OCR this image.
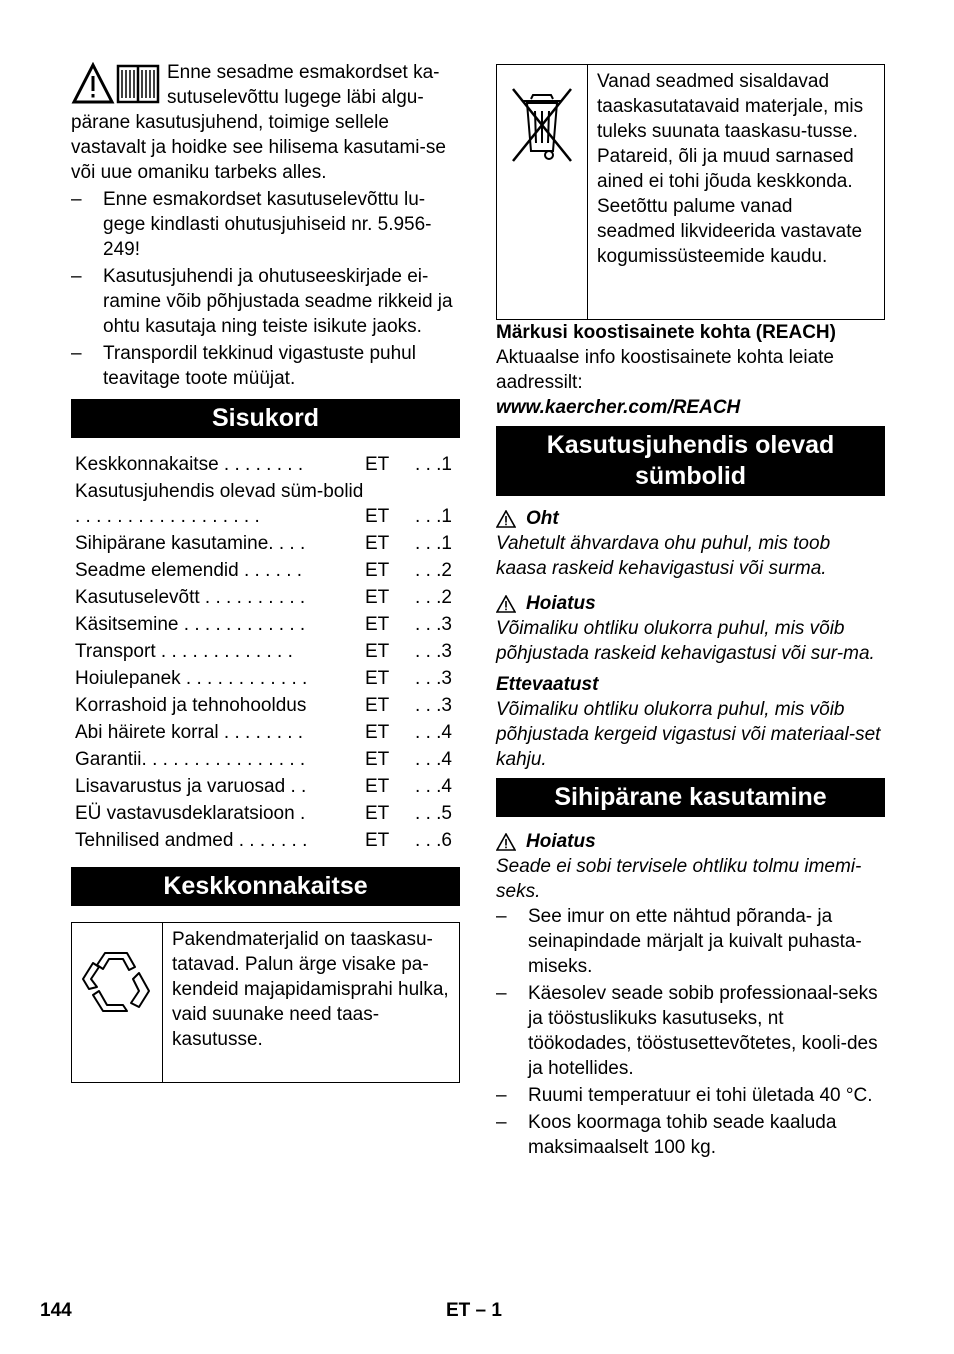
Enne sesadme esmakordset ka-sutuselevõttu lugege läbi algu-pärane kasutusjuhend, toimige sellele vastavalt ja hoidke see hilisema kasutami-se või uue omaniku tarbeks alles.

– Enne esmakordset kasutuselevõttu lu-gege kindlasti ohutusjuhiseid nr. 5.956-249!
– Kasutusjuhendi ja ohutuseeskirjade ei-ramine võib põhjustada seadme rikkeid ja ohtu kasutaja ning teiste isikute jaoks.
– Transpordil tekkinud vigastuste puhul teavitage toote müüjat.
Sisukord
Keskkonnakaitse . . . . . . . .	ET	. . .1
Kasutusjuhendis olevad süm-bolid . . . . . . . . . . . . . . . . . .	ET	. . .1
Sihipärane kasutamine. . . .	ET	. . .1
Seadme elemendid . . . . . .	ET	. . .2
Kasutuselevõtt . . . . . . . . . .	ET	. . .2
Käsitsemine . . . . . . . . . . . .	ET	. . .3
Transport . . . . . . . . . . . . .	ET	. . .3
Hoiulepanek . . . . . . . . . . . .	ET	. . .3
Korrashoid ja tehnohooldus	ET	. . .3
Abi häirete korral . . . . . . . .	ET	. . .4
Garantii. . . . . . . . . . . . . . . .	ET	. . .4
Lisavarustus ja varuosad . .	ET	. . .4
EÜ vastavusdeklaratsioon .	ET	. . .5
Tehnilised andmed . . . . . . .	ET	. . .6
Keskkonnakaitse
Pakendmaterjalid on taaskasu-tatavad. Palun ärge visake pa-kendeid majapidamisprahi hulka, vaid suunake need taas-kasutusse.
Vanad seadmed sisaldavad taaskasutatavaid materjale, mis tuleks suunata taaskasu-tusse. Patareid, õli ja muud sarnased ained ei tohi jõuda keskkonda. Seetõttu palume vanad seadmed likvideerida vastavate kogumissüsteemide kaudu.

Märkusi koostisainete kohta (REACH)

Aktuaalse info koostisainete kohta leiate aadressilt:

www.kaercher.com/REACH

Kasutusjuhendis olevad sümbolid
Oht

Vahetult ähvardava ohu puhul, mis toob kaasa raskeid kehavigastusi või surma.

Hoiatus

Võimaliku ohtliku olukorra puhul, mis võib põhjustada raskeid kehavigastusi või sur-ma.

Ettevaatust

Võimaliku ohtliku olukorra puhul, mis võib põhjustada kergeid vigastusi või materiaal-set kahju.

Sihipärane kasutamine
Hoiatus

Seade ei sobi tervisele ohtliku tolmu imemi-seks.

– See imur on ette nähtud põranda- ja seinapindade märjalt ja kuivalt puhasta-miseks.
– Käesolev seade sobib professionaal-seks ja tööstuslikuks kasutuseks, nt töökodades, tööstusettevõtetes, kooli-des ja hotellides.
– Ruumi temperatuur ei tohi ületada 40 °C.
– Koos koormaga tohib seade kaaluda maksimaalselt 100 kg.
144	ET – 1
